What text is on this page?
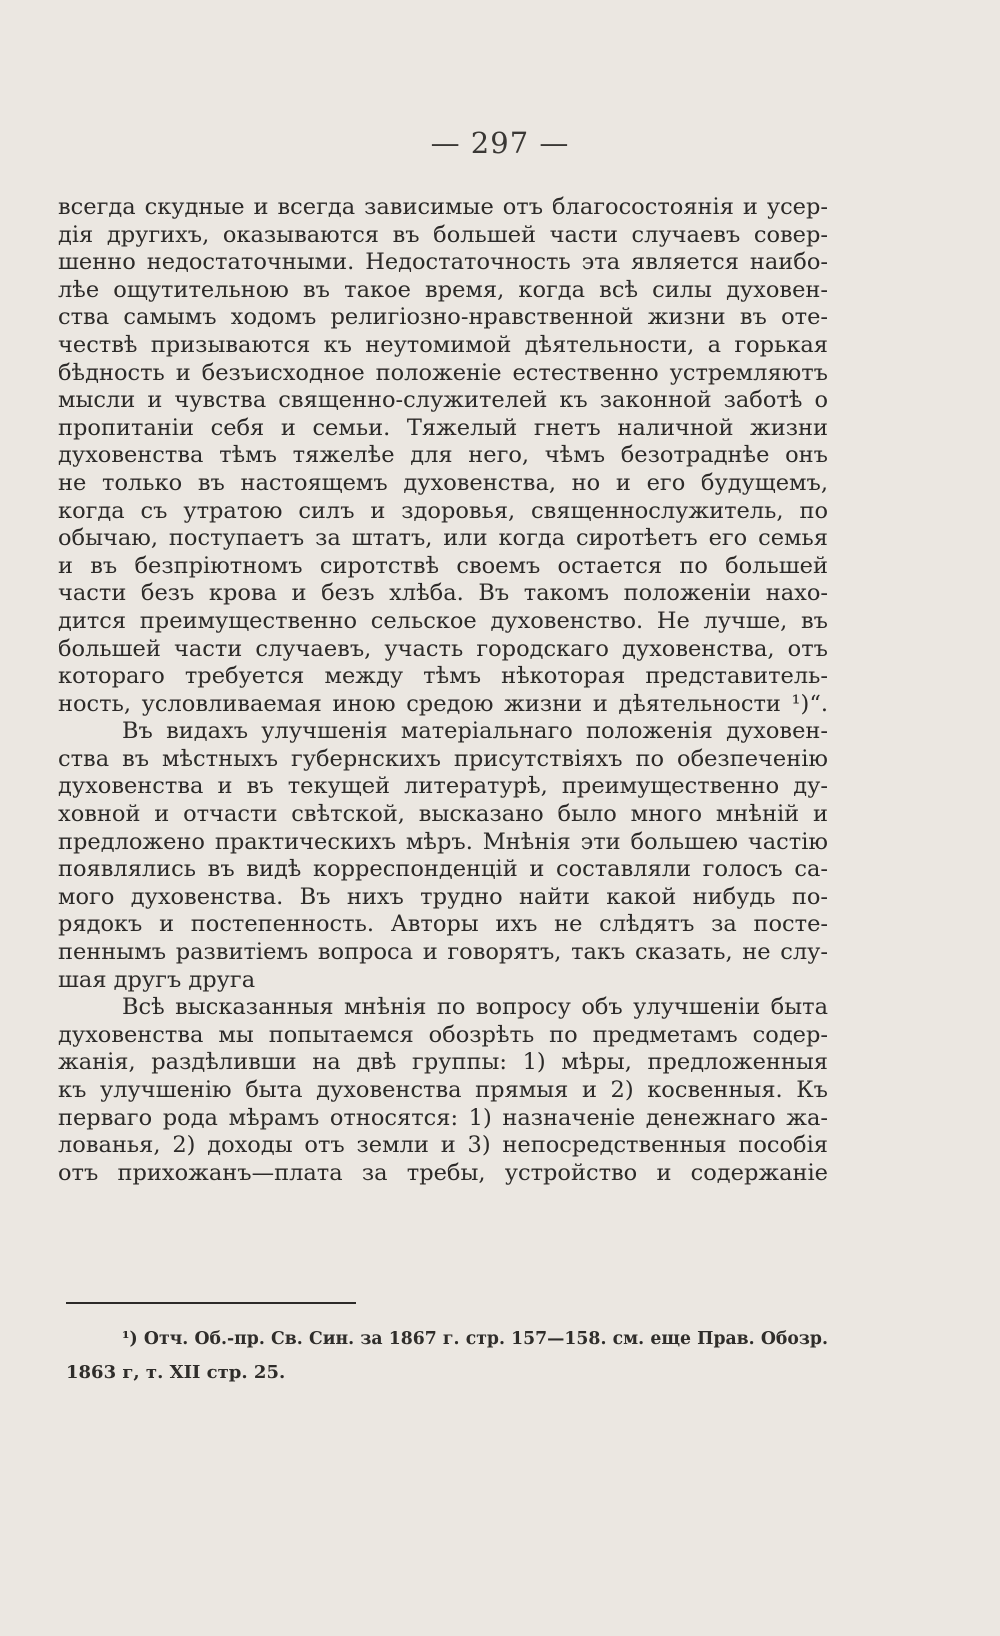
— 297 —
всегда скудные и всегда зависимые отъ благосостоянія и усер-
дія другихъ, оказываются въ большей части случаевъ совер-
шенно недостаточными. Недостаточность эта является наибо-
лѣе ощутительною въ такое время, когда всѣ силы духовен-
ства самымъ ходомъ религіозно-нравственной жизни въ оте-
чествѣ призываются къ неутомимой дѣятельности, а горькая
бѣдность и безъисходное положеніе естественно устремляютъ
мысли и чувства священно-служителей къ законной заботѣ о
пропитаніи себя и семьи. Тяжелый гнетъ наличной жизни
духовенства тѣмъ тяжелѣе для него, чѣмъ безотраднѣе онъ
не только въ настоящемъ духовенства, но и его будущемъ,
когда съ утратою силъ и здоровья, священнослужитель, по
обычаю, поступаетъ за штатъ, или когда сиротѣетъ его семья
и въ безпріютномъ сиротствѣ своемъ остается по большей
части безъ крова и безъ хлѣба. Въ такомъ положеніи нахо-
дится преимущественно сельское духовенство. Не лучше, въ
большей части случаевъ, участь городскаго духовенства, отъ
котораго требуется между тѣмъ нѣкоторая представитель-
ность, условливаемая иною средою жизни и дѣятельности ¹)“.
Въ видахъ улучшенія матеріальнаго положенія духовен-
ства въ мѣстныхъ губернскихъ присутствіяхъ по обезпеченію
духовенства и въ текущей литературѣ, преимущественно ду-
ховной и отчасти свѣтской, высказано было много мнѣній и
предложено практическихъ мѣръ. Мнѣнія эти большею частію
появлялись въ видѣ корреспонденцій и составляли голосъ са-
мого духовенства. Въ нихъ трудно найти какой нибудь по-
рядокъ и постепенность. Авторы ихъ не слѣдятъ за посте-
пеннымъ развитіемъ вопроса и говорятъ, такъ сказать, не слу-
шая другъ друга
Всѣ высказанныя мнѣнія по вопросу объ улучшеніи быта
духовенства мы попытаемся обозрѣть по предметамъ содер-
жанія, раздѣливши на двѣ группы: 1) мѣры, предложенныя
къ улучшенію быта духовенства прямыя и 2) косвенныя. Къ
перваго рода мѣрамъ относятся: 1) назначеніе денежнаго жа-
лованья, 2) доходы отъ земли и 3) непосредственныя пособія
отъ прихожанъ—плата за требы, устройство и содержаніе
¹) Отч. Об.-пр. Св. Син. за 1867 г. стр. 157—158. см. еще Прав. Обозр.
1863 г, т. XII стр. 25.
